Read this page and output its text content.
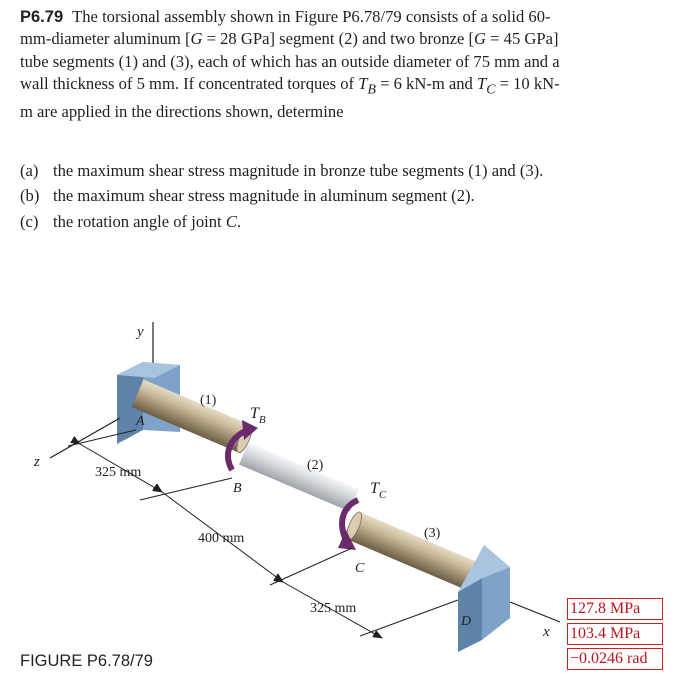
P6.79 The torsional assembly shown in Figure P6.78/79 consists of a solid 60-mm-diameter aluminum [G = 28 GPa] segment (2) and two bronze [G = 45 GPa] tube segments (1) and (3), each of which has an outside diameter of 75 mm and a wall thickness of 5 mm. If concentrated torques of $T_B = 6$ kN-m and $T_C = 10$ kN-m are applied in the directions shown, determine
(a) the maximum shear stress magnitude in bronze tube segments (1) and (3).
(b) the maximum shear stress magnitude in aluminum segment (2).
(c) the rotation angle of joint C.
y
z
A
D
x
$T_B$
$T_C$
(1)
(2)
(3)
B
C
325 mm
400 mm
325 mm
FIGURE P6.78/79
127.8 MPa
103.4 MPa
−0.0246 rad
